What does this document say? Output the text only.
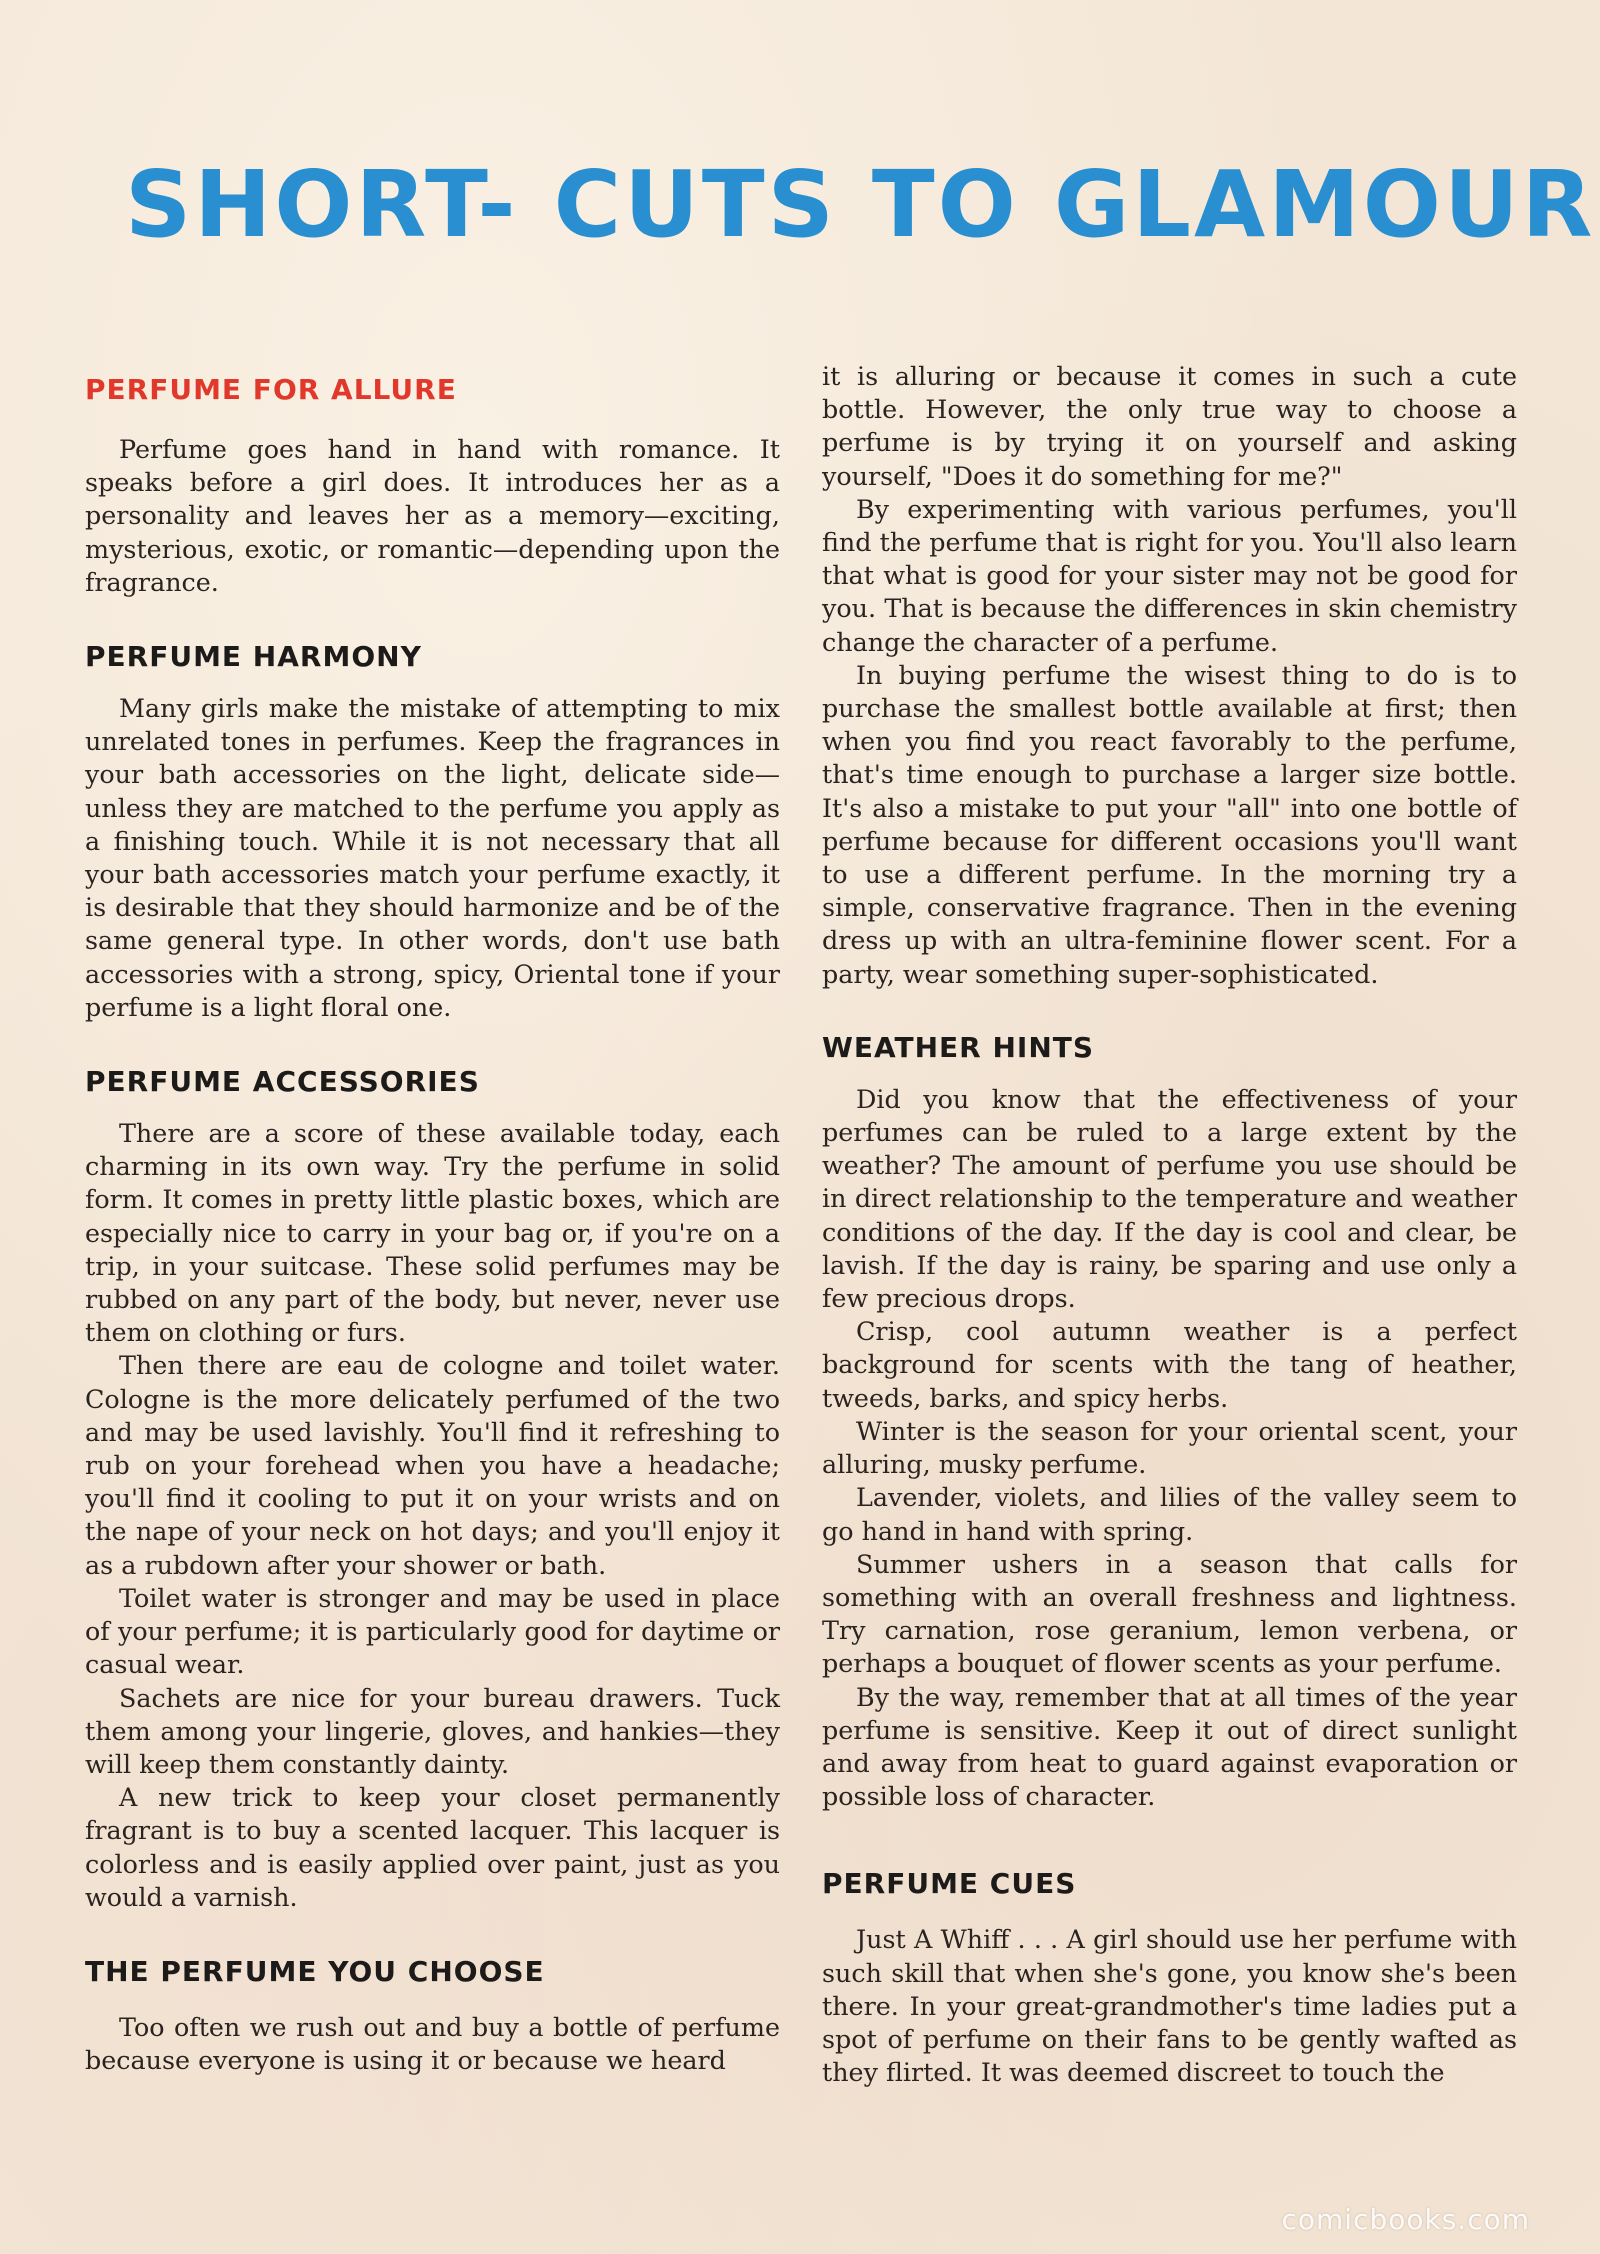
SHORT- CUTS TO GLAMOUR
PERFUME FOR ALLURE

Perfume goes hand in hand with romance. It speaks before a girl does. It introduces her as a personality and leaves her as a memory—exciting, mysterious, exotic, or romantic—depending upon the fragrance.

PERFUME HARMONY

Many girls make the mistake of attempting to mix unrelated tones in perfumes. Keep the fragrances in your bath accessories on the light, delicate side—unless they are matched to the perfume you apply as a finishing touch. While it is not necessary that all your bath accessories match your perfume exactly, it is desirable that they should harmonize and be of the same general type. In other words, don't use bath accessories with a strong, spicy, Oriental tone if your perfume is a light floral one.

PERFUME ACCESSORIES

There are a score of these available today, each charming in its own way. Try the perfume in solid form. It comes in pretty little plastic boxes, which are especially nice to carry in your bag or, if you're on a trip, in your suitcase. These solid perfumes may be rubbed on any part of the body, but never, never use them on clothing or furs.

Then there are eau de cologne and toilet water. Cologne is the more delicately perfumed of the two and may be used lavishly. You'll find it refreshing to rub on your forehead when you have a headache; you'll find it cooling to put it on your wrists and on the nape of your neck on hot days; and you'll enjoy it as a rubdown after your shower or bath.

Toilet water is stronger and may be used in place of your perfume; it is particularly good for daytime or casual wear.

Sachets are nice for your bureau drawers. Tuck them among your lingerie, gloves, and hankies—they will keep them constantly dainty.

A new trick to keep your closet permanently fragrant is to buy a scented lacquer. This lacquer is colorless and is easily applied over paint, just as you would a varnish.

THE PERFUME YOU CHOOSE

Too often we rush out and buy a bottle of perfume because everyone is using it or because we heard

it is alluring or because it comes in such a cute bottle. However, the only true way to choose a perfume is by trying it on yourself and asking yourself, "Does it do something for me?"

By experimenting with various perfumes, you'll find the perfume that is right for you. You'll also learn that what is good for your sister may not be good for you. That is because the differences in skin chemistry change the character of a perfume.

In buying perfume the wisest thing to do is to purchase the smallest bottle available at first; then when you find you react favorably to the perfume, that's time enough to purchase a larger size bottle. It's also a mistake to put your "all" into one bottle of perfume because for different occasions you'll want to use a different perfume. In the morning try a simple, conservative fragrance. Then in the evening dress up with an ultra-feminine flower scent. For a party, wear something super-sophisticated.

WEATHER HINTS

Did you know that the effectiveness of your perfumes can be ruled to a large extent by the weather? The amount of perfume you use should be in direct relationship to the temperature and weather conditions of the day. If the day is cool and clear, be lavish. If the day is rainy, be sparing and use only a few precious drops.

Crisp, cool autumn weather is a perfect background for scents with the tang of heather, tweeds, barks, and spicy herbs.

Winter is the season for your oriental scent, your alluring, musky perfume.

Lavender, violets, and lilies of the valley seem to go hand in hand with spring.

Summer ushers in a season that calls for something with an overall freshness and lightness. Try carnation, rose geranium, lemon verbena, or perhaps a bouquet of flower scents as your perfume.

By the way, remember that at all times of the year perfume is sensitive. Keep it out of direct sunlight and away from heat to guard against evaporation or possible loss of character.

PERFUME CUES

Just A Whiff . . . A girl should use her perfume with such skill that when she's gone, you know she's been there. In your great-grandmother's time ladies put a spot of perfume on their fans to be gently wafted as they flirted. It was deemed discreet to touch the

comicbooks.com
